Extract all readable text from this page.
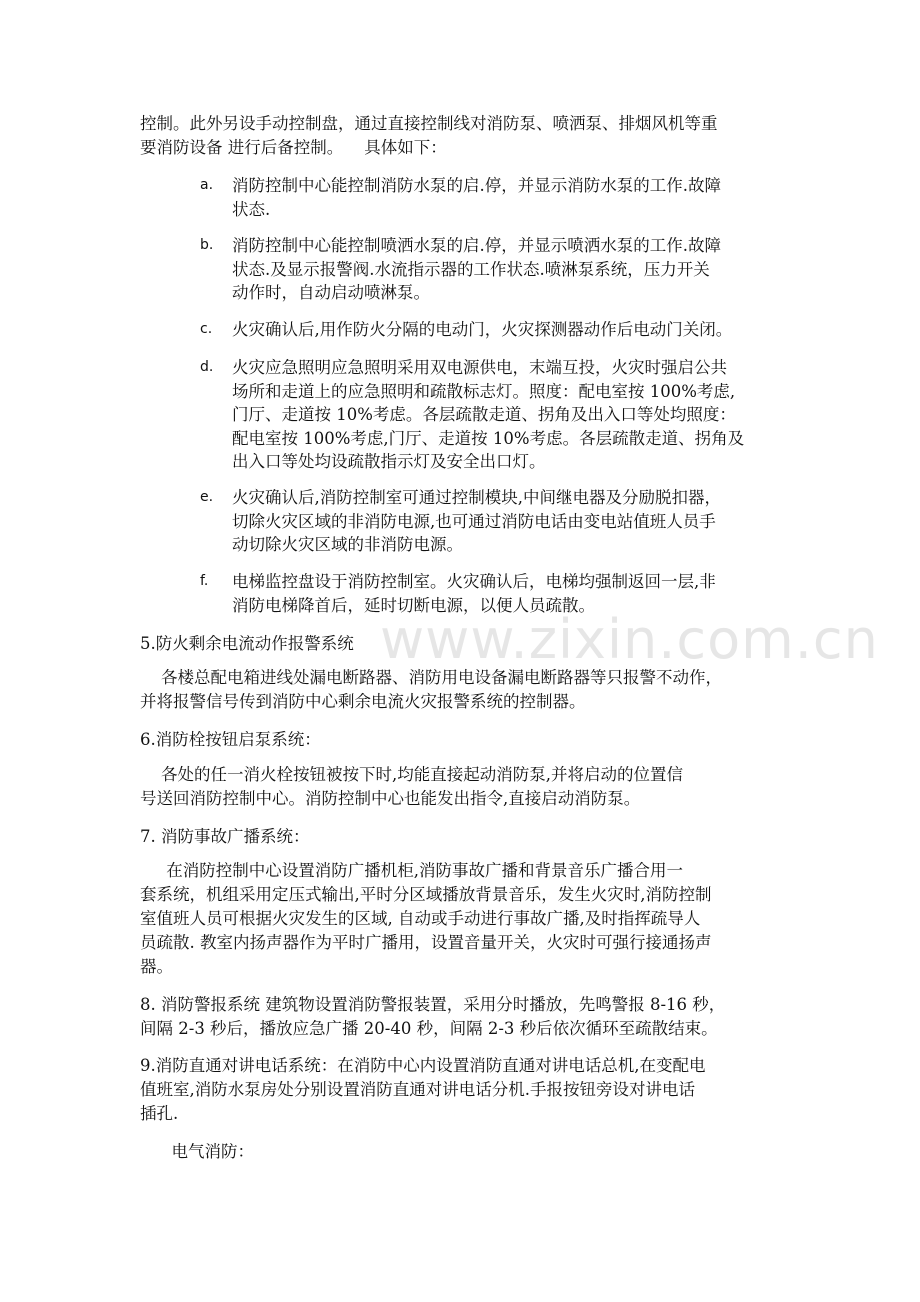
www.zixin.com.cn
控制。此外另设手动控制盘，通过直接控制线对消防泵、喷洒泵、排烟风机等重
要消防设备 进行后备控制。    具体如下：
a.	消防控制中心能控制消防水泵的启.停，并显示消防水泵的工作.故障
状态.
b.	消防控制中心能控制喷洒水泵的启.停，并显示喷洒水泵的工作.故障
状态.及显示报警阀.水流指示器的工作状态.喷淋泵系统，压力开关
动作时，自动启动喷淋泵。
c.	火灾确认后,用作防火分隔的电动门，火灾探测器动作后电动门关闭。
d.	火灾应急照明应急照明采用双电源供电，末端互投，火灾时强启公共
场所和走道上的应急照明和疏散标志灯。照度：配电室按 100%考虑,
门厅、走道按 10%考虑。各层疏散走道、拐角及出入口等处均照度：
配电室按 100%考虑,门厅、走道按 10%考虑。各层疏散走道、拐角及
出入口等处均设疏散指示灯及安全出口灯。
e.	火灾确认后,消防控制室可通过控制模块,中间继电器及分励脱扣器，
切除火灾区域的非消防电源,也可通过消防电话由变电站值班人员手
动切除火灾区域的非消防电源。
f.	电梯监控盘设于消防控制室。火灾确认后，电梯均强制返回一层,非
消防电梯降首后，延时切断电源，以便人员疏散。
5.防火剩余电流动作报警系统
各楼总配电箱进线处漏电断路器、消防用电设备漏电断路器等只报警不动作，
并将报警信号传到消防中心剩余电流火灾报警系统的控制器。
6.消防栓按钮启泵系统：
各处的任一消火栓按钮被按下时,均能直接起动消防泵,并将启动的位置信
号送回消防控制中心。消防控制中心也能发出指令,直接启动消防泵。
7. 消防事故广播系统：
在消防控制中心设置消防广播机柜,消防事故广播和背景音乐广播合用一
套系统，机组采用定压式输出,平时分区域播放背景音乐，发生火灾时,消防控制
室值班人员可根据火灾发生的区域, 自动或手动进行事故广播,及时指挥疏导人
员疏散. 教室内扬声器作为平时广播用，设置音量开关，火灾时可强行接通扬声
器。
8. 消防警报系统 建筑物设置消防警报装置，采用分时播放，先鸣警报 8-16 秒，
间隔 2-3 秒后，播放应急广播 20-40 秒，间隔 2-3 秒后依次循环至疏散结束。
9.消防直通对讲电话系统：在消防中心内设置消防直通对讲电话总机,在变配电
值班室,消防水泵房处分别设置消防直通对讲电话分机.手报按钮旁设对讲电话
插孔.
电气消防：
